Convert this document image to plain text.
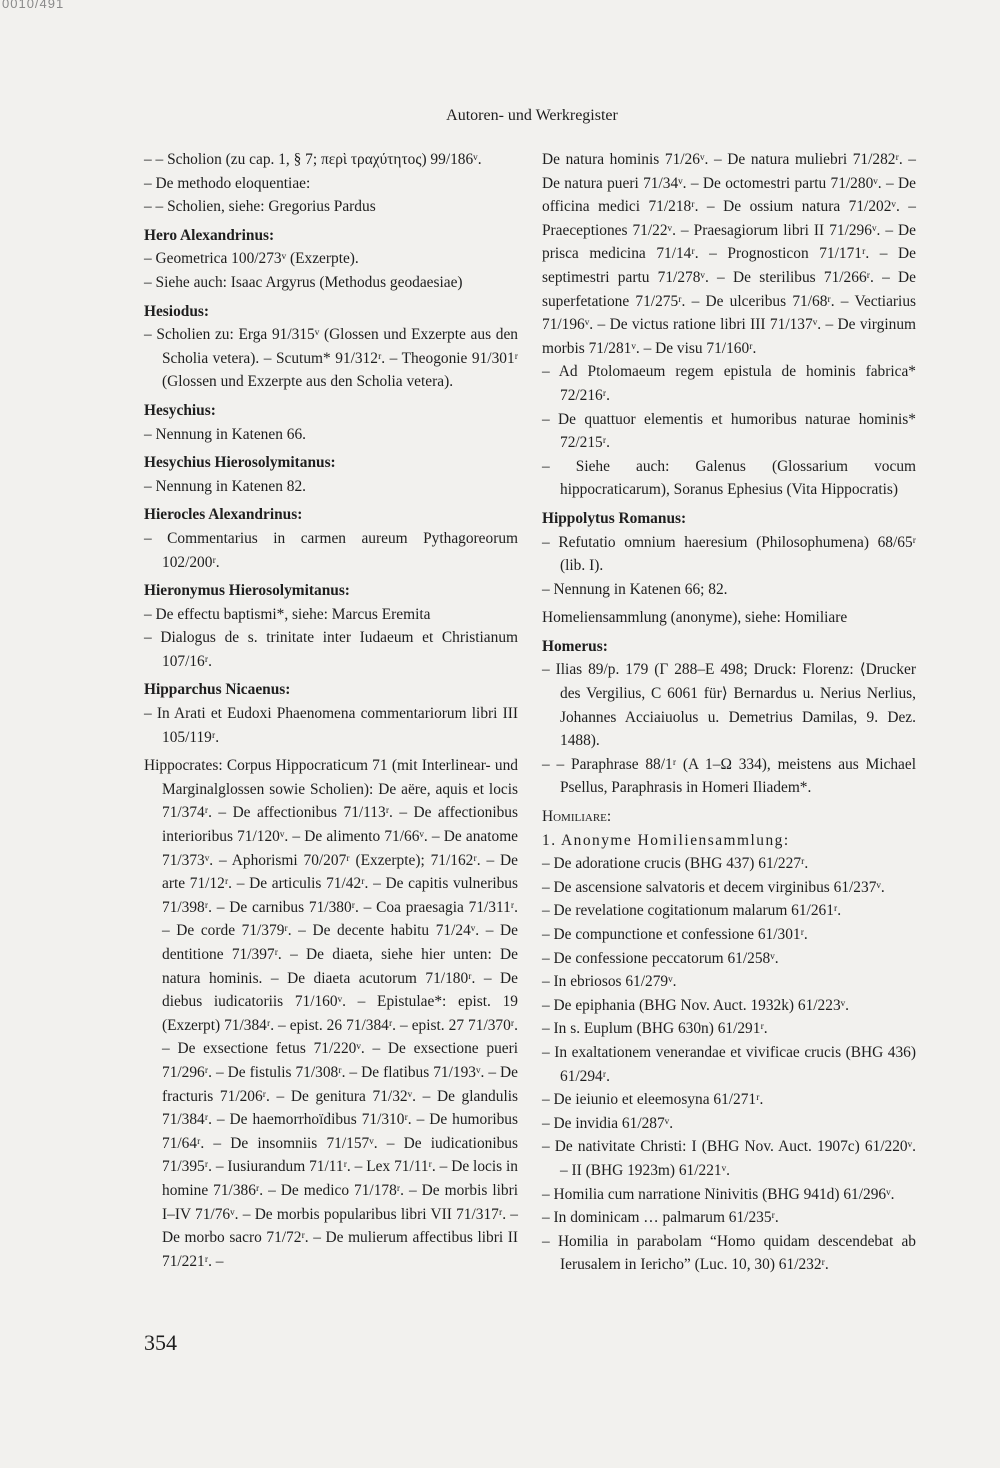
0010/491
Autoren- und Werkregister

– – Scholion (zu cap. 1, § 7; περὶ τραχύτητος) 99/186ᵛ.

– De methodo eloquentiae:

– – Scholien, siehe: Gregorius Pardus

Hero Alexandrinus:

– Geometrica 100/273ᵛ (Exzerpte).

– Siehe auch: Isaac Argyrus (Methodus geodaesiae)

Hesiodus:

– Scholien zu: Erga 91/315ᵛ (Glossen und Exzerpte aus den Scholia vetera). – Scutum* 91/312ʳ. – Theogonie 91/301ʳ (Glossen und Exzerpte aus den Scholia vetera).

Hesychius:

– Nennung in Katenen 66.

Hesychius Hierosolymitanus:

– Nennung in Katenen 82.

Hierocles Alexandrinus:

– Commentarius in carmen aureum Pythagoreorum 102/200ʳ.

Hieronymus Hierosolymitanus:

– De effectu baptismi*, siehe: Marcus Eremita

– Dialogus de s. trinitate inter Iudaeum et Christianum 107/16ʳ.

Hipparchus Nicaenus:

– In Arati et Eudoxi Phaenomena commentariorum libri III 105/119ʳ.

Hippocrates: Corpus Hippocraticum 71 (mit Interlinear- und Marginalglossen sowie Scholien): De aëre, aquis et locis 71/374ʳ. – De affectionibus 71/113ʳ. – De affectionibus interioribus 71/120ᵛ. – De alimento 71/66ᵛ. – De anatome 71/373ᵛ. – Aphorismi 70/207ʳ (Exzerpte); 71/162ʳ. – De arte 71/12ʳ. – De articulis 71/42ʳ. – De capitis vulneribus 71/398ʳ. – De carnibus 71/380ʳ. – Coa praesagia 71/311ʳ. – De corde 71/379ʳ. – De decente habitu 71/24ᵛ. – De dentitione 71/397ʳ. – De diaeta, siehe hier unten: De natura hominis. – De diaeta acutorum 71/180ʳ. – De diebus iudicatoriis 71/160ᵛ. – Epistulae*: epist. 19 (Exzerpt) 71/384ʳ. – epist. 26 71/384ʳ. – epist. 27 71/370ʳ. – De exsectione fetus 71/220ᵛ. – De exsectione pueri 71/296ʳ. – De fistulis 71/308ʳ. – De flatibus 71/193ᵛ. – De fracturis 71/206ʳ. – De genitura 71/32ᵛ. – De glandulis 71/384ʳ. – De haemorrhoïdibus 71/310ʳ. – De humoribus 71/64ʳ. – De insomniis 71/157ᵛ. – De iudicationibus 71/395ʳ. – Iusiurandum 71/11ʳ. – Lex 71/11ʳ. – De locis in homine 71/386ʳ. – De medico 71/178ʳ. – De morbis libri I–IV 71/76ᵛ. – De morbis popularibus libri VII 71/317ʳ. – De morbo sacro 71/72ʳ. – De mulierum affectibus libri II 71/221ʳ. –

De natura hominis 71/26ᵛ. – De natura muliebri 71/282ʳ. – De natura pueri 71/34ᵛ. – De octomestri partu 71/280ᵛ. – De officina medici 71/218ʳ. – De ossium natura 71/202ᵛ. – Praeceptiones 71/22ᵛ. – Praesagiorum libri II 71/296ᵛ. – De prisca medicina 71/14ʳ. – Prognosticon 71/171ʳ. – De septimestri partu 71/278ᵛ. – De sterilibus 71/266ʳ. – De superfetatione 71/275ʳ. – De ulceribus 71/68ʳ. – Vectiarius 71/196ᵛ. – De victus ratione libri III 71/137ᵛ. – De virginum morbis 71/281ᵛ. – De visu 71/160ʳ.

– Ad Ptolomaeum regem epistula de hominis fabrica* 72/216ʳ.

– De quattuor elementis et humoribus naturae hominis* 72/215ʳ.

– Siehe auch: Galenus (Glossarium vocum hippocraticarum), Soranus Ephesius (Vita Hippocratis)

Hippolytus Romanus:

– Refutatio omnium haeresium (Philosophumena) 68/65ʳ (lib. I).

– Nennung in Katenen 66; 82.

Homeliensammlung (anonyme), siehe: Homiliare

Homerus:

– Ilias 89/p. 179 (Γ 288–Ε 498; Druck: Florenz: ⟨Drucker des Vergilius, C 6061 für⟩ Bernardus u. Nerius Nerlius, Johannes Acciaiuolus u. Demetrius Damilas, 9. Dez. 1488).

– – Paraphrase 88/1ʳ (Α 1–Ω 334), meistens aus Michael Psellus, Paraphrasis in Homeri Iliadem*.

Homiliare:

1. Anonyme Homiliensammlung:

– De adoratione crucis (BHG 437) 61/227ʳ.

– De ascensione salvatoris et decem virginibus 61/237ᵛ.

– De revelatione cogitationum malarum 61/261ʳ.

– De compunctione et confessione 61/301ʳ.

– De confessione peccatorum 61/258ᵛ.

– In ebriosos 61/279ᵛ.

– De epiphania (BHG Nov. Auct. 1932k) 61/223ᵛ.

– In s. Euplum (BHG 630n) 61/291ʳ.

– In exaltationem venerandae et vivificae crucis (BHG 436) 61/294ʳ.

– De ieiunio et eleemosyna 61/271ʳ.

– De invidia 61/287ᵛ.

– De nativitate Christi: I (BHG Nov. Auct. 1907c) 61/220ᵛ. – II (BHG 1923m) 61/221ᵛ.

– Homilia cum narratione Ninivitis (BHG 941d) 61/296ᵛ.

– In dominicam … palmarum 61/235ʳ.

– Homilia in parabolam “Homo quidam descendebat ab Ierusalem in Iericho” (Luc. 10, 30) 61/232ʳ.

354
